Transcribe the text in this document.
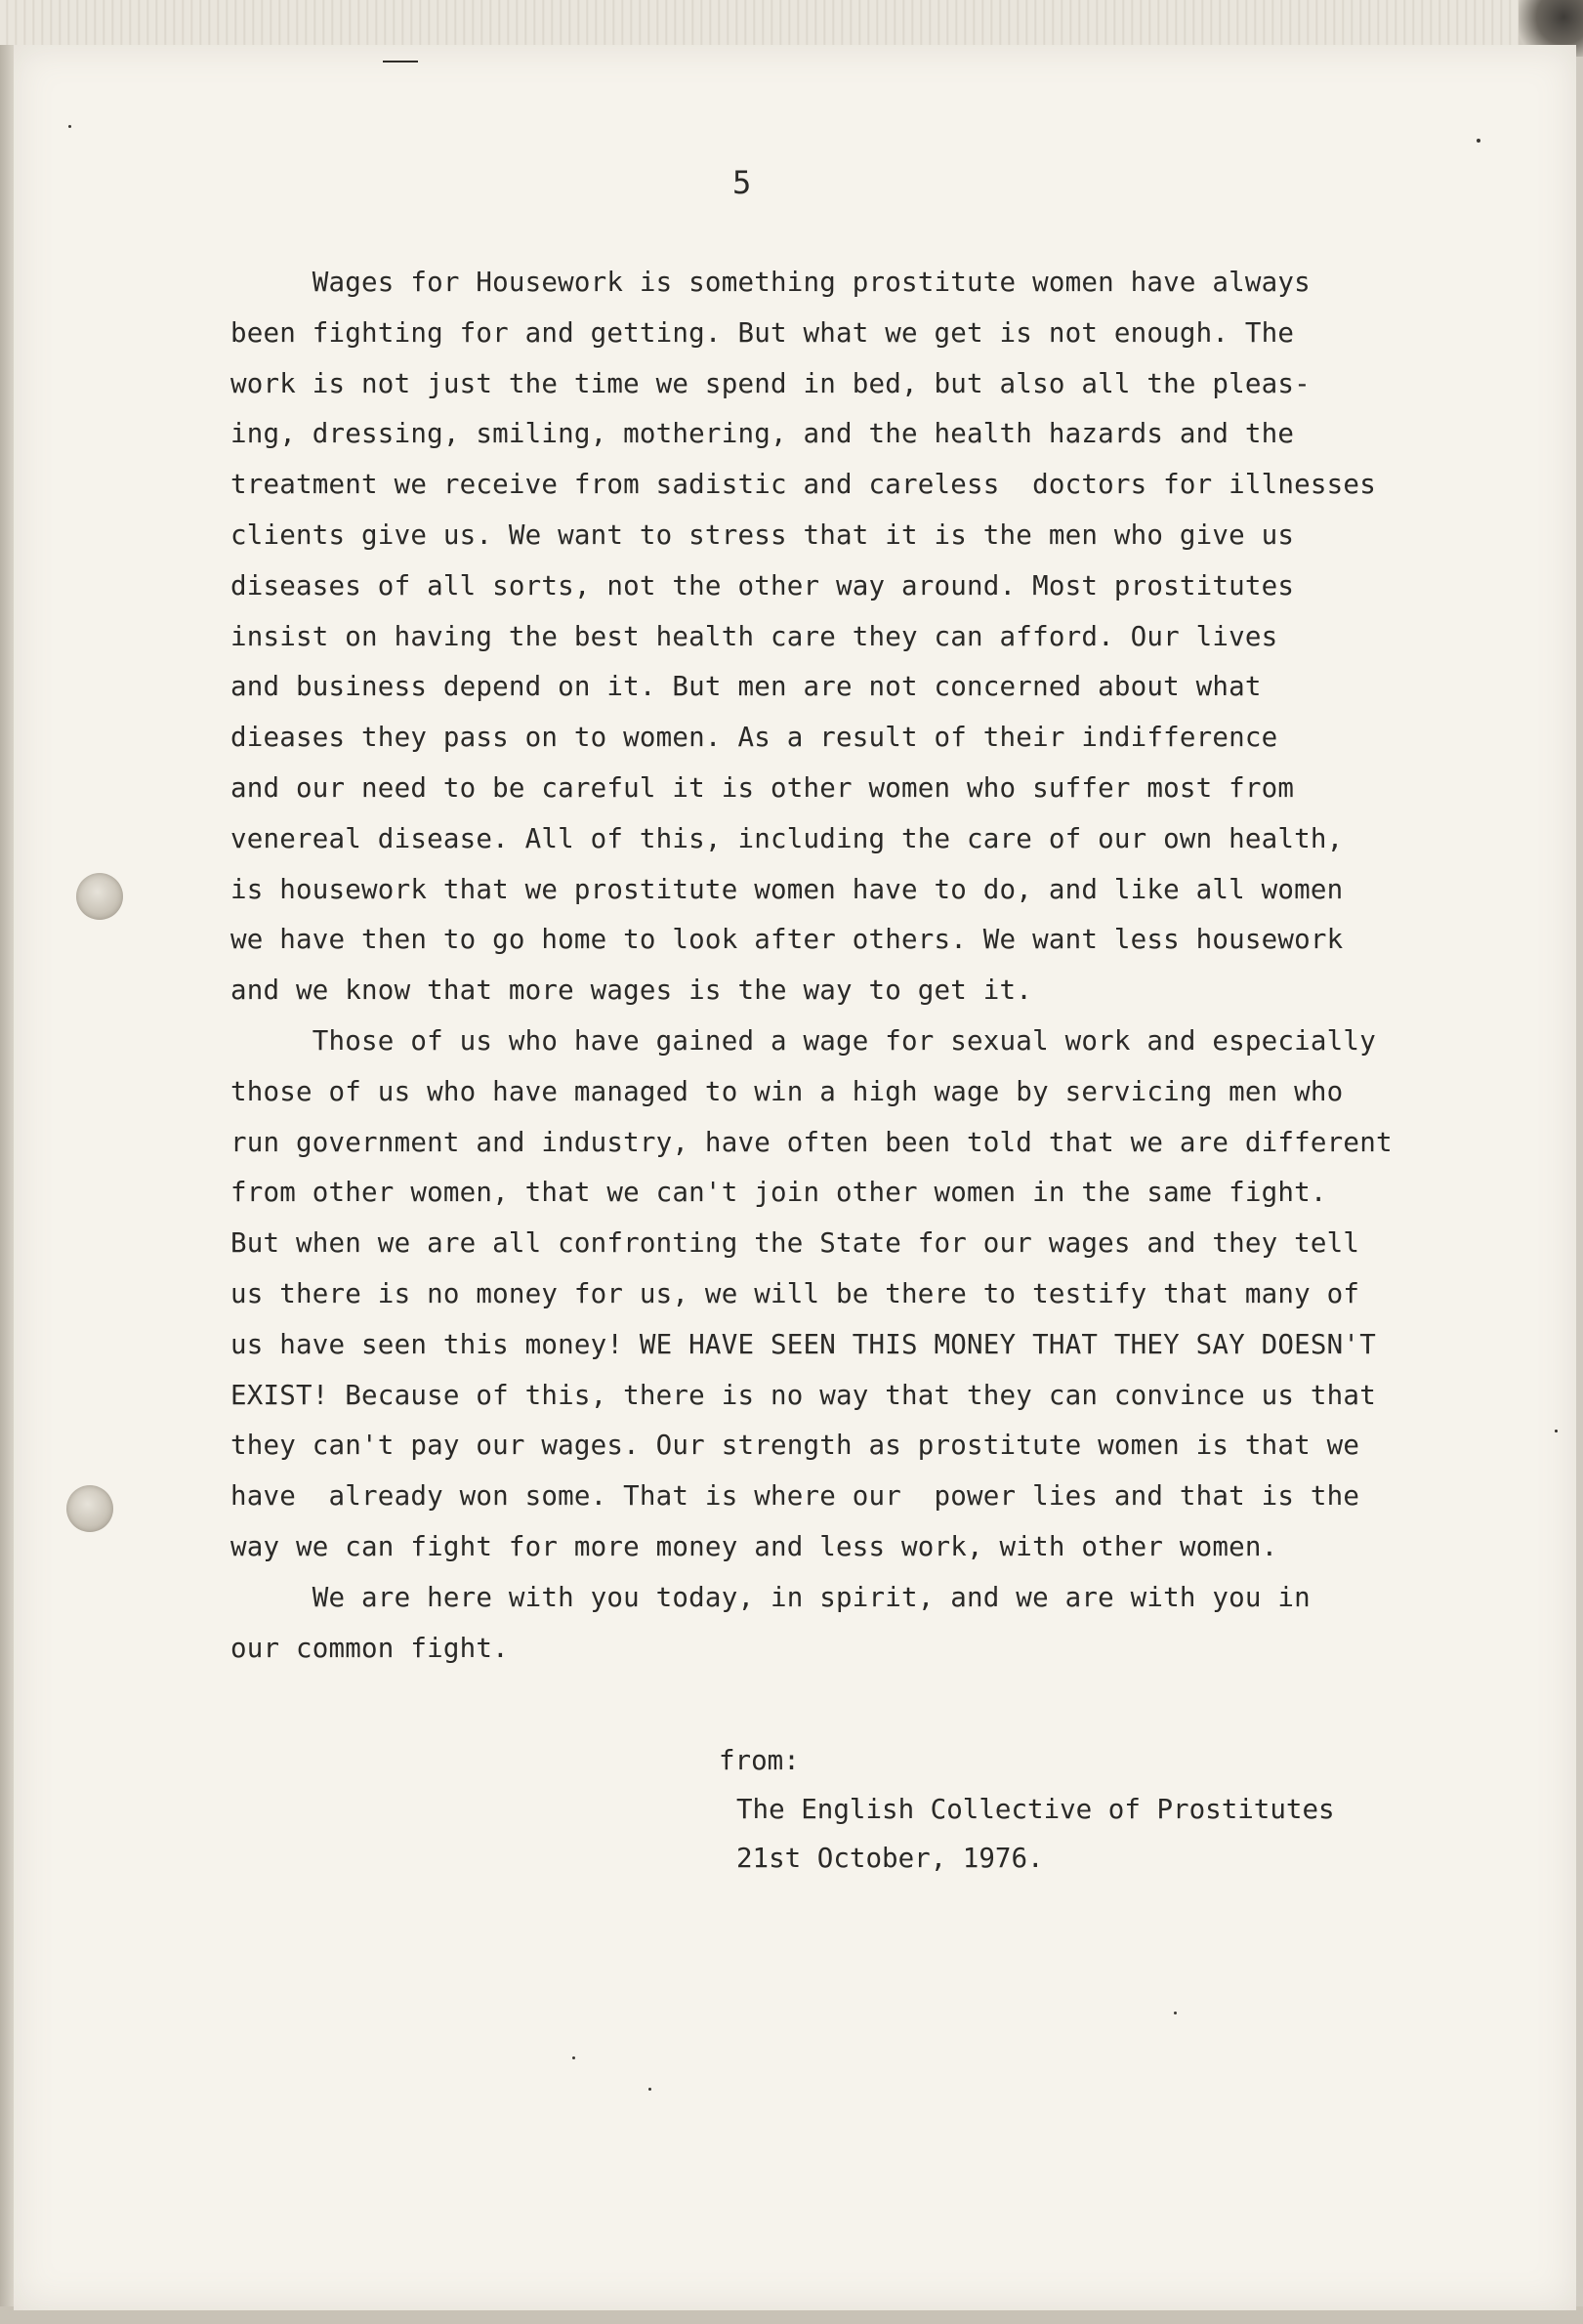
5
Wages for Housework is something prostitute women have always
been fighting for and getting. But what we get is not enough. The
work is not just the time we spend in bed, but also all the pleas-
ing, dressing, smiling, mothering, and the health hazards and the
treatment we receive from sadistic and careless  doctors for illnesses
clients give us. We want to stress that it is the men who give us
diseases of all sorts, not the other way around. Most prostitutes
insist on having the best health care they can afford. Our lives
and business depend on it. But men are not concerned about what
dieases they pass on to women. As a result of their indifference
and our need to be careful it is other women who suffer most from
venereal disease. All of this, including the care of our own health,
is housework that we prostitute women have to do, and like all women
we have then to go home to look after others. We want less housework
and we know that more wages is the way to get it.
Those of us who have gained a wage for sexual work and especially
those of us who have managed to win a high wage by servicing men who
run government and industry, have often been told that we are different
from other women, that we can't join other women in the same fight.
But when we are all confronting the State for our wages and they tell
us there is no money for us, we will be there to testify that many of
us have seen this money! WE HAVE SEEN THIS MONEY THAT THEY SAY DOESN'T
EXIST! Because of this, there is no way that they can convince us that
they can't pay our wages. Our strength as prostitute women is that we
have  already won some. That is where our  power lies and that is the
way we can fight for more money and less work, with other women.
We are here with you today, in spirit, and we are with you in
our common fight.
from:
The English Collective of Prostitutes
21st October, 1976.
